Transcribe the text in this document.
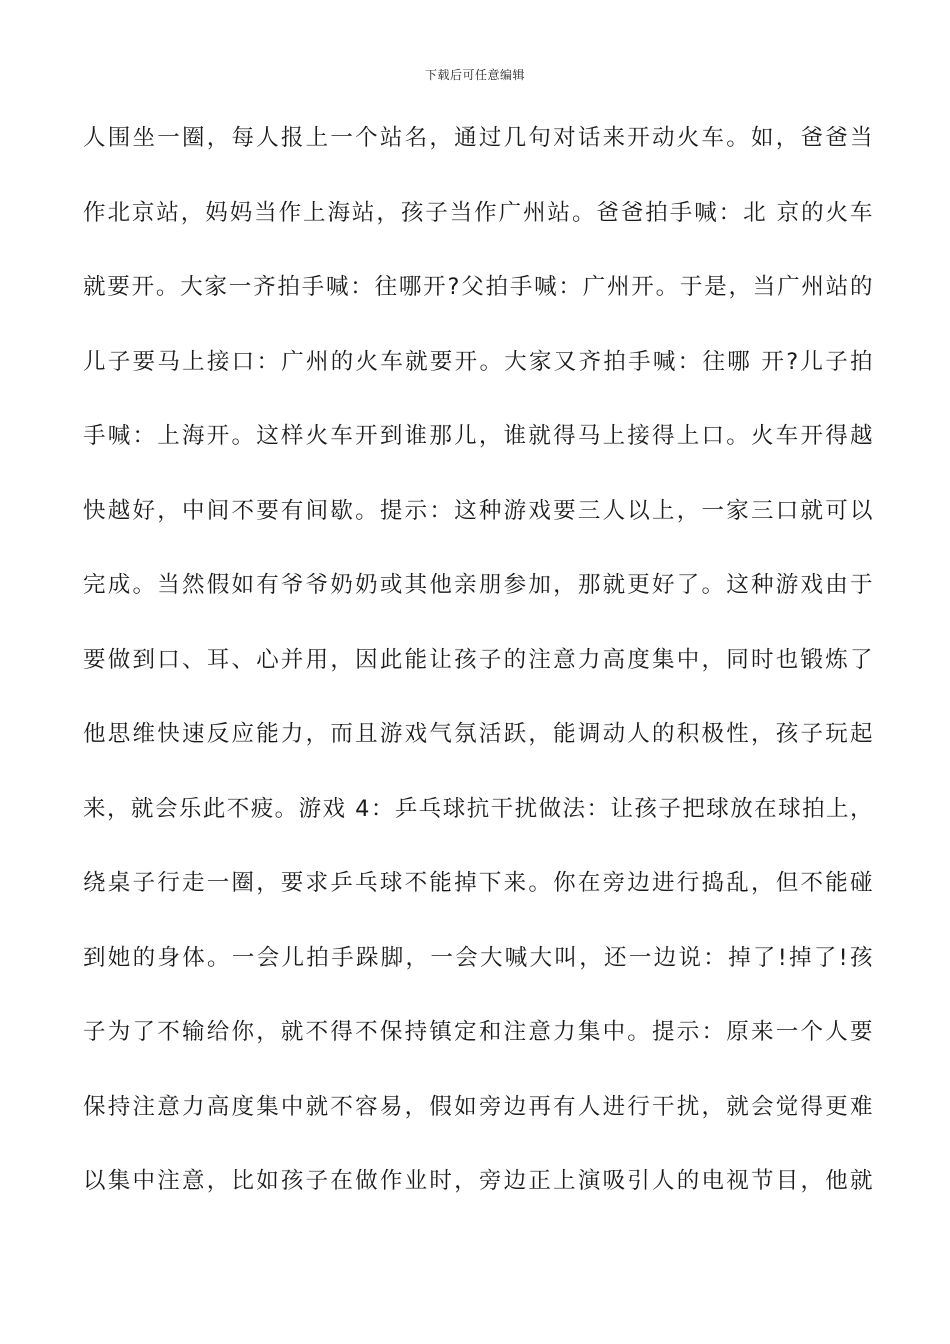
下载后可任意编辑
人围坐一圈，每人报上一个站名，通过几句对话来开动火车。如，爸爸当
作北京站，妈妈当作上海站，孩子当作广州站。爸爸拍手喊：北 京的火车
就要开。大家一齐拍手喊：往哪开?父拍手喊：广州开。于是，当广州站的
儿子要马上接口：广州的火车就要开。大家又齐拍手喊：往哪 开?儿子拍
手喊：上海开。这样火车开到谁那儿，谁就得马上接得上口。火车开得越
快越好，中间不要有间歇。提示：这种游戏要三人以上，一家三口就可以
完成。当然假如有爷爷奶奶或其他亲朋参加，那就更好了。这种游戏由于
要做到口、耳、心并用，因此能让孩子的注意力高度集中，同时也锻炼了
他思维快速反应能力，而且游戏气氛活跃，能调动人的积极性，孩子玩起
来，就会乐此不疲。游戏 4：乒乓球抗干扰做法：让孩子把球放在球拍上，
绕桌子行走一圈，要求乒乓球不能掉下来。你在旁边进行捣乱，但不能碰
到她的身体。一会儿拍手跺脚，一会大喊大叫，还一边说：掉了!掉了!孩
子为了不输给你，就不得不保持镇定和注意力集中。提示：原来一个人要
保持注意力高度集中就不容易，假如旁边再有人进行干扰，就会觉得更难
以集中注意，比如孩子在做作业时，旁边正上演吸引人的电视节目，他就
